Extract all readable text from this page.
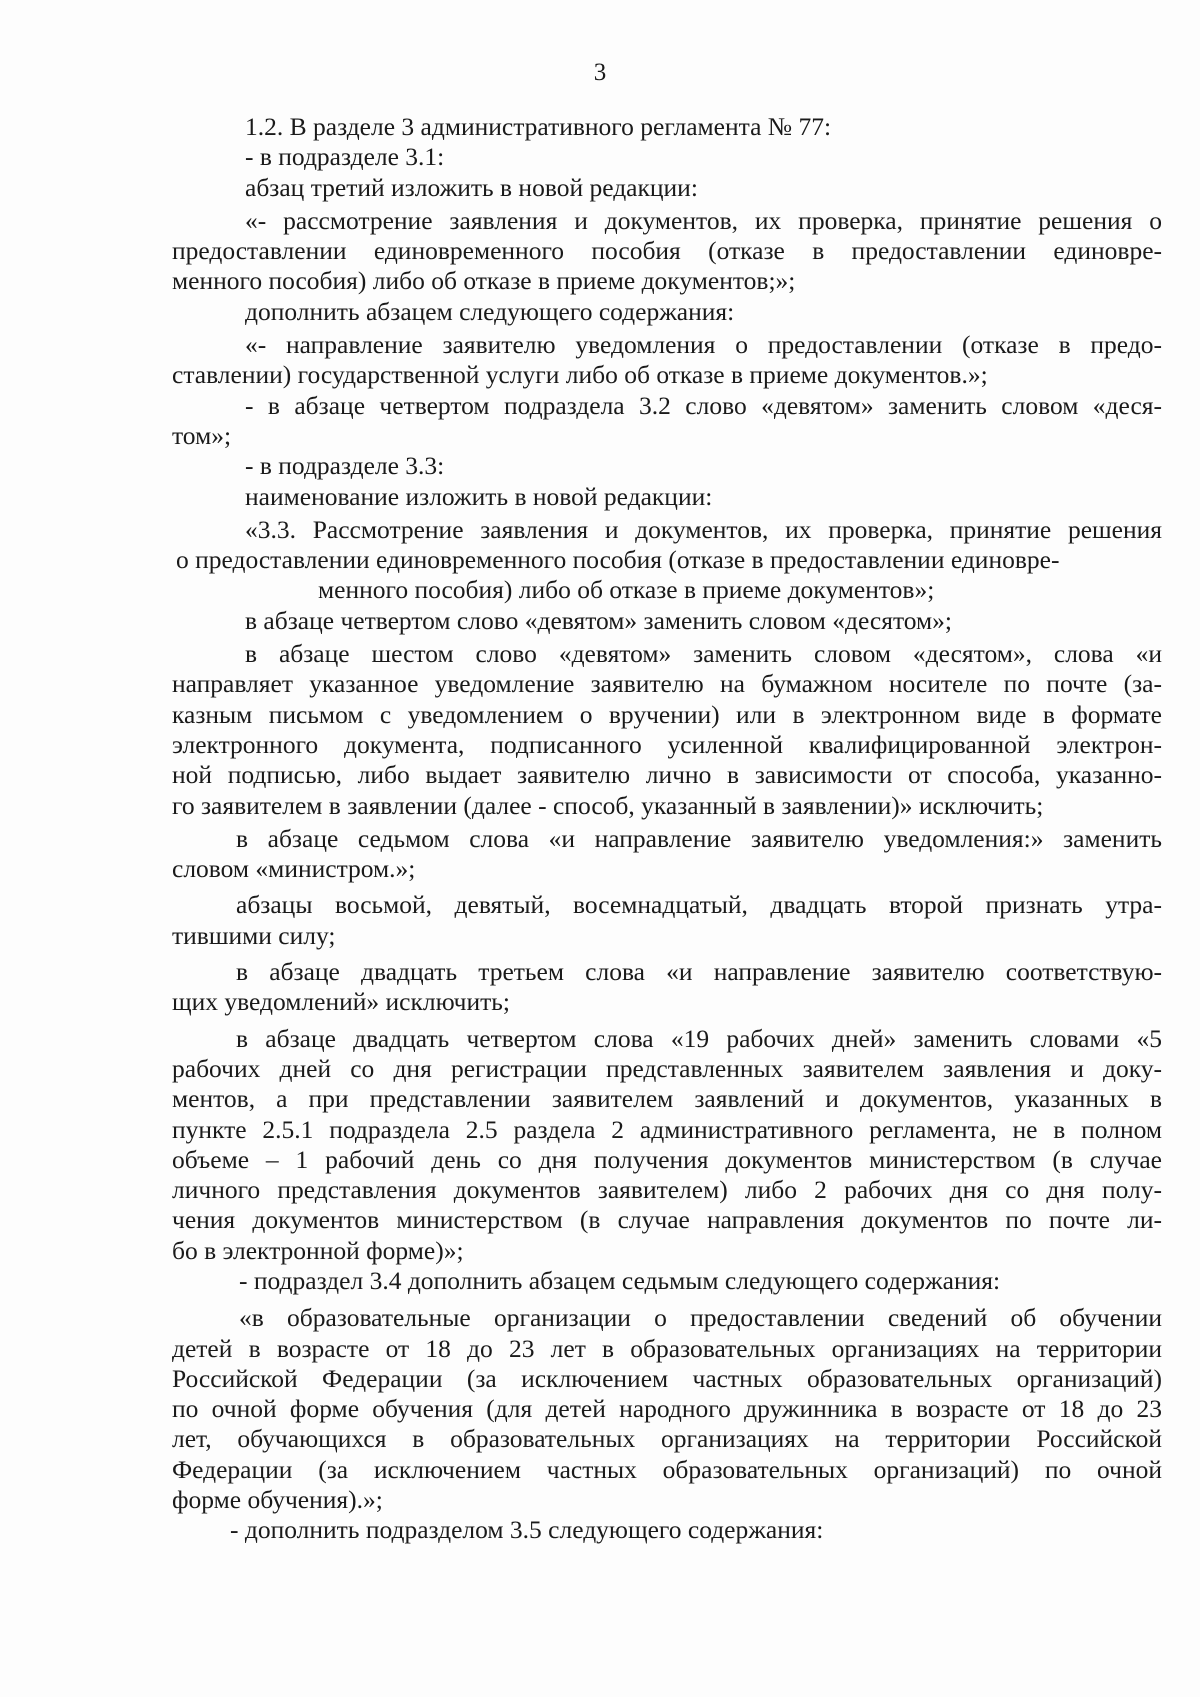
3
1.2. В разделе 3 административного регламента № 77:
- в подразделе 3.1:
абзац третий изложить в новой редакции:
«- рассмотрение заявления и документов, их проверка, принятие решения о
предоставлении единовременного пособия (отказе в предоставлении единовре-
менного пособия) либо об отказе в приеме документов;»;
дополнить абзацем следующего содержания:
«- направление заявителю уведомления о предоставлении (отказе в предо-
ставлении) государственной услуги либо об отказе в приеме документов.»;
- в абзаце четвертом подраздела 3.2 слово «девятом» заменить словом «деся-
том»;
- в подразделе 3.3:
наименование изложить в новой редакции:
«3.3. Рассмотрение заявления и документов, их проверка, принятие решения
о предоставлении единовременного пособия (отказе в предоставлении единовре-
менного пособия) либо об отказе в приеме документов»;
в абзаце четвертом слово «девятом» заменить словом «десятом»;
в абзаце шестом слово «девятом» заменить словом «десятом», слова «и
направляет указанное уведомление заявителю на бумажном носителе по почте (за-
казным письмом с уведомлением о вручении) или в электронном виде в формате
электронного документа, подписанного усиленной квалифицированной электрон-
ной подписью, либо выдает заявителю лично в зависимости от способа, указанно-
го заявителем в заявлении (далее - способ, указанный в заявлении)» исключить;
в абзаце седьмом слова «и направление заявителю уведомления:» заменить
словом «министром.»;
абзацы восьмой, девятый, восемнадцатый, двадцать второй признать утра-
тившими силу;
в абзаце двадцать третьем слова «и направление заявителю соответствую-
щих уведомлений» исключить;
в абзаце двадцать четвертом слова «19 рабочих дней» заменить словами «5
рабочих дней со дня регистрации представленных заявителем заявления и доку-
ментов, а при представлении заявителем заявлений и документов, указанных в
пункте 2.5.1 подраздела 2.5 раздела 2 административного регламента, не в полном
объеме – 1 рабочий день со дня получения документов министерством (в случае
личного представления документов заявителем) либо 2 рабочих дня со дня полу-
чения документов министерством (в случае направления документов по почте ли-
бо в электронной форме)»;
- подраздел 3.4 дополнить абзацем седьмым следующего содержания:
«в образовательные организации о предоставлении сведений об обучении
детей в возрасте от 18 до 23 лет в образовательных организациях на территории
Российской Федерации (за исключением частных образовательных организаций)
по очной форме обучения (для детей народного дружинника в возрасте от 18 до 23
лет, обучающихся в образовательных организациях на территории Российской
Федерации (за исключением частных образовательных организаций) по очной
форме обучения).»;
- дополнить подразделом 3.5 следующего содержания:
